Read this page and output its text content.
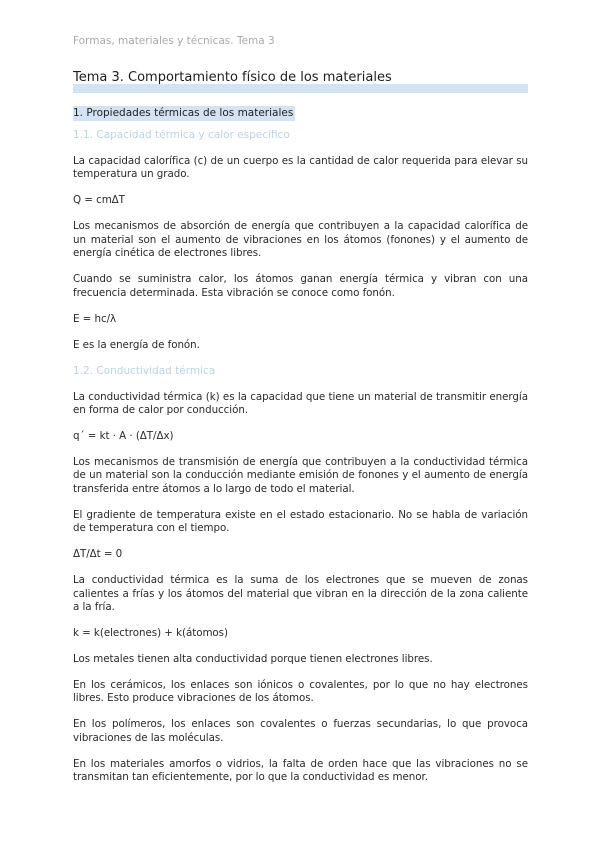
Formas, materiales y técnicas. Tema 3
Tema 3. Comportamiento físico de los materiales
1. Propiedades térmicas de los materiales
1.1. Capacidad térmica y calor específico

La capacidad calorífica (c) de un cuerpo es la cantidad de calor requerida para elevar su temperatura un grado.

Q = cmΔT

Los mecanismos de absorción de energía que contribuyen a la capacidad calorífica de un material son el aumento de vibraciones en los átomos (fonones) y el aumento de energía cinética de electrones libres.

Cuando se suministra calor, los átomos ganan energía térmica y vibran con una frecuencia determinada. Esta vibración se conoce como fonón.

E = hc/λ

E es la energía de fonón.

1.2. Conductividad térmica

La conductividad térmica (k) es la capacidad que tiene un material de transmitir energía en forma de calor por conducción.

q´ = kt · A · (ΔT/Δx)

Los mecanismos de transmisión de energía que contribuyen a la conductividad térmica de un material son la conducción mediante emisión de fonones y el aumento de energía transferida entre átomos a lo largo de todo el material.

El gradiente de temperatura existe en el estado estacionario. No se habla de variación de temperatura con el tiempo.

ΔT/Δt = 0

La conductividad térmica es la suma de los electrones que se mueven de zonas calientes a frías y los átomos del material que vibran en la dirección de la zona caliente a la fría.

k = k(electrones) + k(átomos)

Los metales tienen alta conductividad porque tienen electrones libres.

En los cerámicos, los enlaces son iónicos o covalentes, por lo que no hay electrones libres. Esto produce vibraciones de los átomos.

En los polímeros, los enlaces son covalentes o fuerzas secundarias, lo que provoca vibraciones de las moléculas.

En los materiales amorfos o vidrios, la falta de orden hace que las vibraciones no se transmitan tan eficientemente, por lo que la conductividad es menor.
